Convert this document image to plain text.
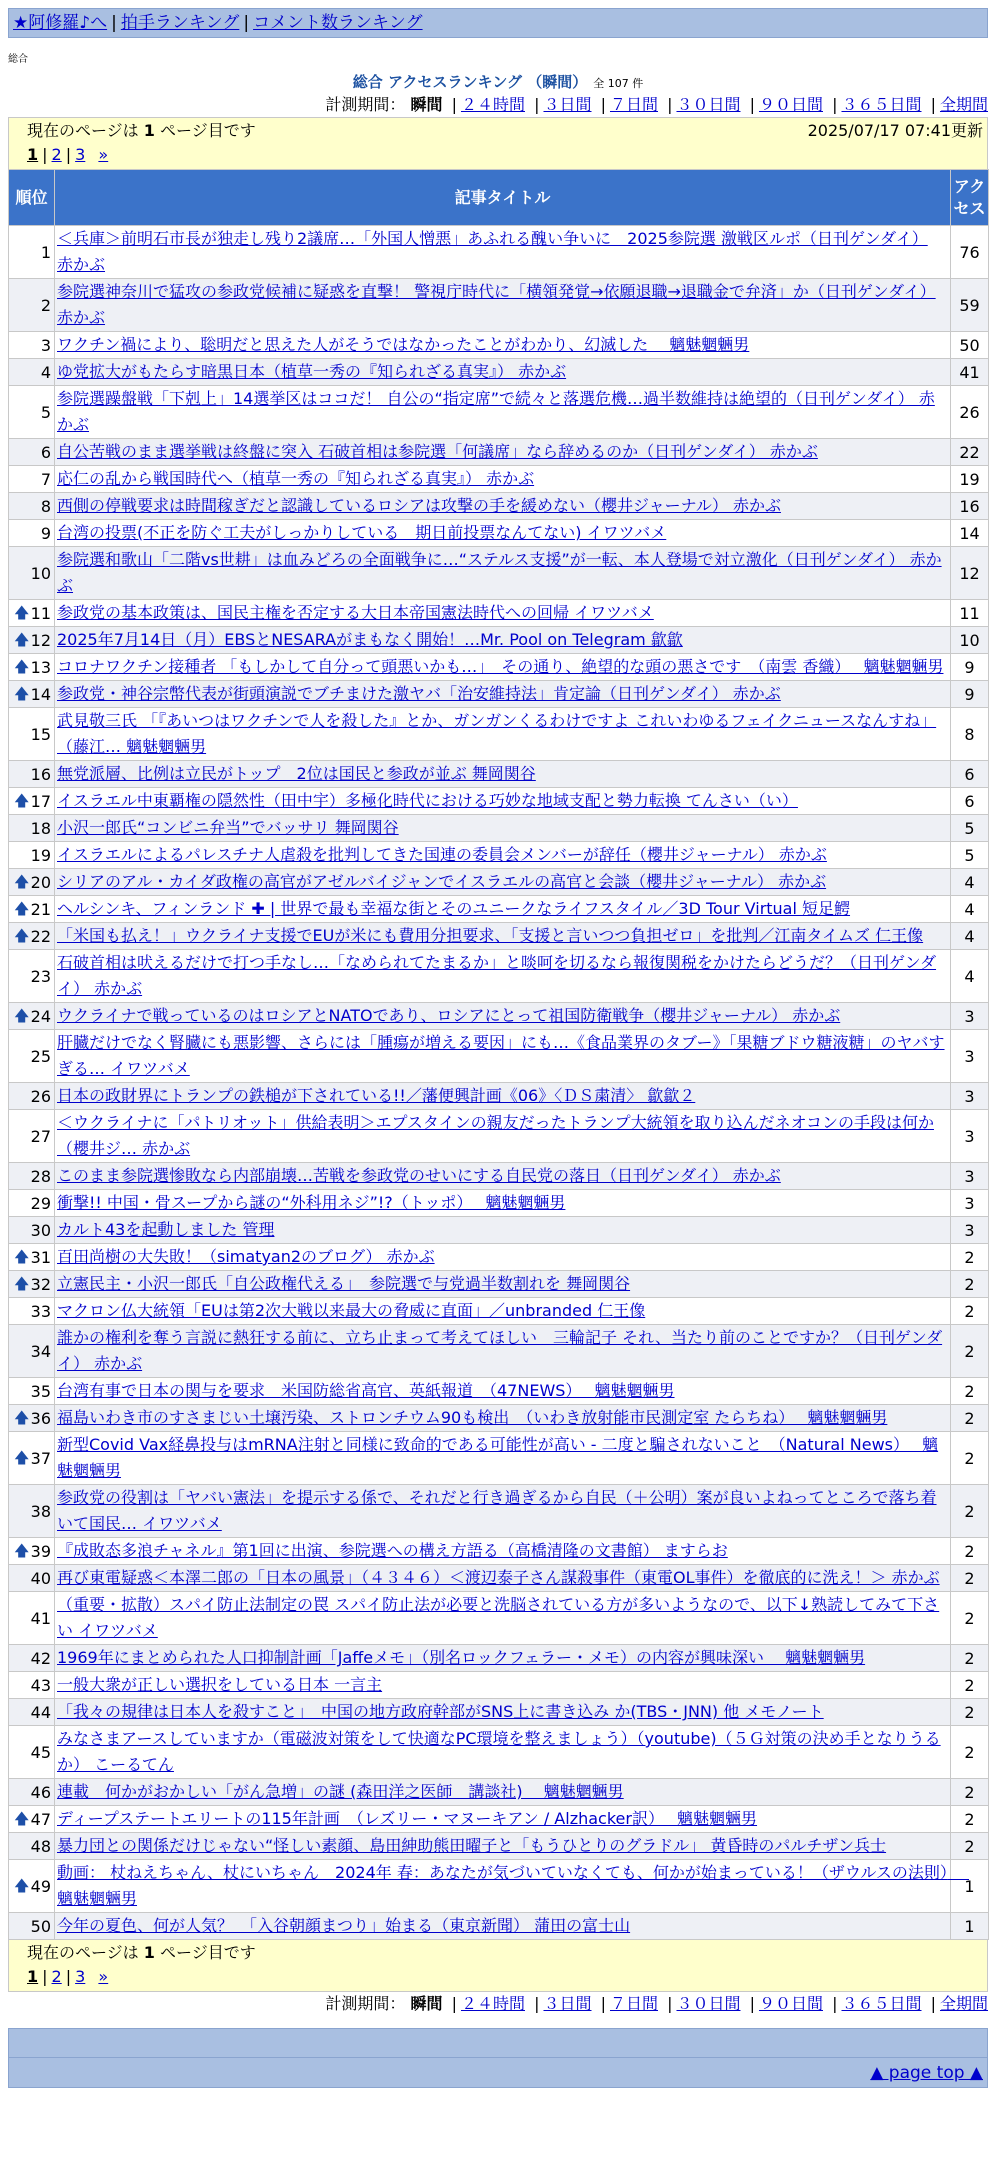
★阿修羅♪へ | 拍手ランキング | コメント数ランキング
総合
総合 アクセスランキング （瞬間） 全 107 件
計測期間： 瞬間 | ２４時間 | ３日間 | ７日間 | ３０日間 | ９０日間 | ３６５日間 | 全期間
現在のページは 1 ページ目です	2025/07/17 07:41更新
1 | 2 | 3 »
順位	記事タイトル	アクセス
1	＜兵庫＞前明石市長が独走し残り2議席…「外国人憎悪」あふれる醜い争いに　2025参院選 激戦区ルポ（日刊ゲンダイ） 赤かぶ	76
2	参院選神奈川で猛攻の参政党候補に疑惑を直撃！ 警視庁時代に「横領発覚→依願退職→退職金で弁済」か（日刊ゲンダイ） 赤かぶ	59
3	ワクチン禍により、聡明だと思えた人がそうではなかったことがわかり、幻滅した　 魑魅魍魎男	50
4	ゆ党拡大がもたらす暗黒日本（植草一秀の『知られざる真実』） 赤かぶ	41
5	参院選躁盤戦「下剋上」14選挙区はココだ！ 自公の“指定席”で続々と落選危機…過半数維持は絶望的（日刊ゲンダイ） 赤かぶ	26
6	自公苦戦のまま選挙戦は終盤に突入 石破首相は参院選「何議席」なら辞めるのか（日刊ゲンダイ） 赤かぶ	22
7	応仁の乱から戦国時代へ（植草一秀の『知られざる真実』） 赤かぶ	19
8	西側の停戦要求は時間稼ぎだと認識しているロシアは攻撃の手を緩めない（櫻井ジャーナル） 赤かぶ	16
9	台湾の投票(不正を防ぐ工夫がしっかりしている　期日前投票なんてない) イワツバメ	14
10	参院選和歌山「二階vs世耕」は血みどろの全面戦争に…“ステルス支援”が一転、本人登場で対立激化（日刊ゲンダイ） 赤かぶ	12

🡅 11	参政党の基本政策は、国民主権を否定する大日本帝国憲法時代への回帰 イワツバメ	11

🡅 12	2025年7月14日（月）EBSとNESARAがまもなく開始！…Mr. Pool on Telegram 歙歙	10

🡅 13	コロナワクチン接種者 「もしかして自分って頭悪いかも…」　その通り、絶望的な頭の悪さです　（南雲 香織）　 魑魅魍魎男	9

🡅 14	参政党・神谷宗幣代表が街頭演説でブチまけた激ヤバ「治安維持法」肯定論（日刊ゲンダイ） 赤かぶ	9
15	武見敬三氏 「『あいつはワクチンで人を殺した』とか、ガンガンくるわけですよ これいわゆるフェイクニュースなんすね」（藤江… 魑魅魍魎男	8
16	無党派層、比例は立民がトップ　2位は国民と参政が並ぶ 舞岡関谷	6

🡅 17	イスラエル中東覇権の隠然性（田中宇）多極化時代における巧妙な地域支配と勢力転換 てんさい（い）	6
18	小沢一郎氏“コンビニ弁当”でバッサリ 舞岡関谷	5
19	イスラエルによるパレスチナ人虐殺を批判してきた国連の委員会メンバーが辞任（櫻井ジャーナル） 赤かぶ	5

🡅 20	シリアのアル・カイダ政権の高官がアゼルバイジャンでイスラエルの高官と会談（櫻井ジャーナル） 赤かぶ	4

🡅 21	ヘルシンキ、フィンランド ✚ | 世界で最も幸福な街とそのユニークなライフスタイル／3D Tour Virtual 短足鰐	4

🡅 22	「米国も払え！」ウクライナ支援でEUが米にも費用分担要求、「支援と言いつつ負担ゼロ」を批判／江南タイムズ 仁王像	4
23	石破首相は吠えるだけで打つ手なし…「なめられてたまるか」と啖呵を切るなら報復関税をかけたらどうだ？（日刊ゲンダイ） 赤かぶ	4

🡅 24	ウクライナで戦っているのはロシアとNATOであり、ロシアにとって祖国防衛戦争（櫻井ジャーナル） 赤かぶ	3
25	肝臓だけでなく腎臓にも悪影響、さらには「腫瘍が増える要因」にも…《食品業界のタブー》「果糖ブドウ糖液糖」のヤバすぎる… イワツバメ	3
26	日本の政財界にトランプの鉄槌が下されている!!／藩便興計画《06》〈ＤＳ粛清〉 歙歙２	3
27	＜ウクライナに「パトリオット」供給表明＞エプスタインの親友だったトランプ大統領を取り込んだネオコンの手段は何か（櫻井ジ… 赤かぶ	3
28	このまま参院選惨敗なら内部崩壊…苦戦を参政党のせいにする自民党の落日（日刊ゲンダイ） 赤かぶ	3
29	衝撃!! 中国・骨スープから謎の“外科用ネジ”!?（トッポ）　 魑魅魍魎男	3
30	カルト43を起動しました 管理	3

🡅 31	百田尚樹の大失敗！（simatyan2のブログ） 赤かぶ	2

🡅 32	立憲民主・小沢一郎氏「自公政権代える」　参院選で与党過半数割れを 舞岡関谷	2
33	マクロン仏大統領「EUは第2次大戦以来最大の脅威に直面」／unbranded 仁王像	2
34	誰かの権利を奪う言説に熱狂する前に、立ち止まって考えてほしい　三輪記子 それ、当たり前のことですか？（日刊ゲンダイ） 赤かぶ	2
35	台湾有事で日本の関与を要求　米国防総省高官、英紙報道　（47NEWS）　 魑魅魍魎男	2

🡅 36	福島いわき市のすさまじい土壌汚染、ストロンチウム90も検出　（いわき放射能市民測定室 たらちね）　 魑魅魍魎男	2

🡅 37	新型Covid Vax経鼻投与はmRNA注射と同様に致命的である可能性が高い - 二度と騙されないこと　（Natural News）　 魑魅魍魎男	2
38	参政党の役割は「ヤバい憲法」を提示する係で、それだと行き過ぎるから自民（＋公明）案が良いよねってところで落ち着いて国民… イワツバメ	2

🡅 39	『成敗态多浪チャネル』第1回に出演、参院選への構え方語る（高橋清隆の文書館） ますらお	2
40	再び東電疑惑＜本澤二郎の「日本の風景」（４３４６）＜渡辺泰子さん謀殺事件（東電OL事件）を徹底的に洗え！＞ 赤かぶ	2
41	（重要・拡散）スパイ防止法制定の罠 スパイ防止法が必要と洗脳されている方が多いようなので、以下↓熟読してみて下さい イワツバメ	2
42	1969年にまとめられた人口抑制計画「Jaffeメモ」（別名ロックフェラー・メモ）の内容が興味深い　 魑魅魍魎男	2
43	一般大衆が正しい選択をしている日本 一言主	2
44	「我々の規律は日本人を殺すこと」　中国の地方政府幹部がSNS上に書き込み か(TBS・JNN) 他 メモノート	2
45	みなさまアースしていますか（電磁波対策をして快適なPC環境を整えましょう）（youtube)（５Ｇ対策の決め手となりうるか） こーるてん	2
46	連載　何かがおかしい「がん急増」の謎 (森田洋之医師　講談社)　 魑魅魍魎男	2

🡅 47	ディープステートエリートの115年計画　（レズリー・マヌーキアン / Alzhacker訳）　 魑魅魍魎男	2
48	暴力団との関係だけじゃない“怪しい素顔、島田紳助熊田曜子と「もうひとりのグラドル」 黄昏時のパルチザン兵士	2

🡅 49	動画： 杖ねえちゃん、杖にいちゃん　2024年 春：あなたが気づいていなくても、何かが始まっている！（ザウルスの法則）　 魑魅魍魎男	1
50	今年の夏色、何が人気？　「入谷朝顔まつり」始まる（東京新聞） 蒲田の富士山	1
現在のページは 1 ページ目です
1 | 2 | 3 »
計測期間： 瞬間 | ２４時間 | ３日間 | ７日間 | ３０日間 | ９０日間 | ３６５日間 | 全期間
▲ page top ▲
